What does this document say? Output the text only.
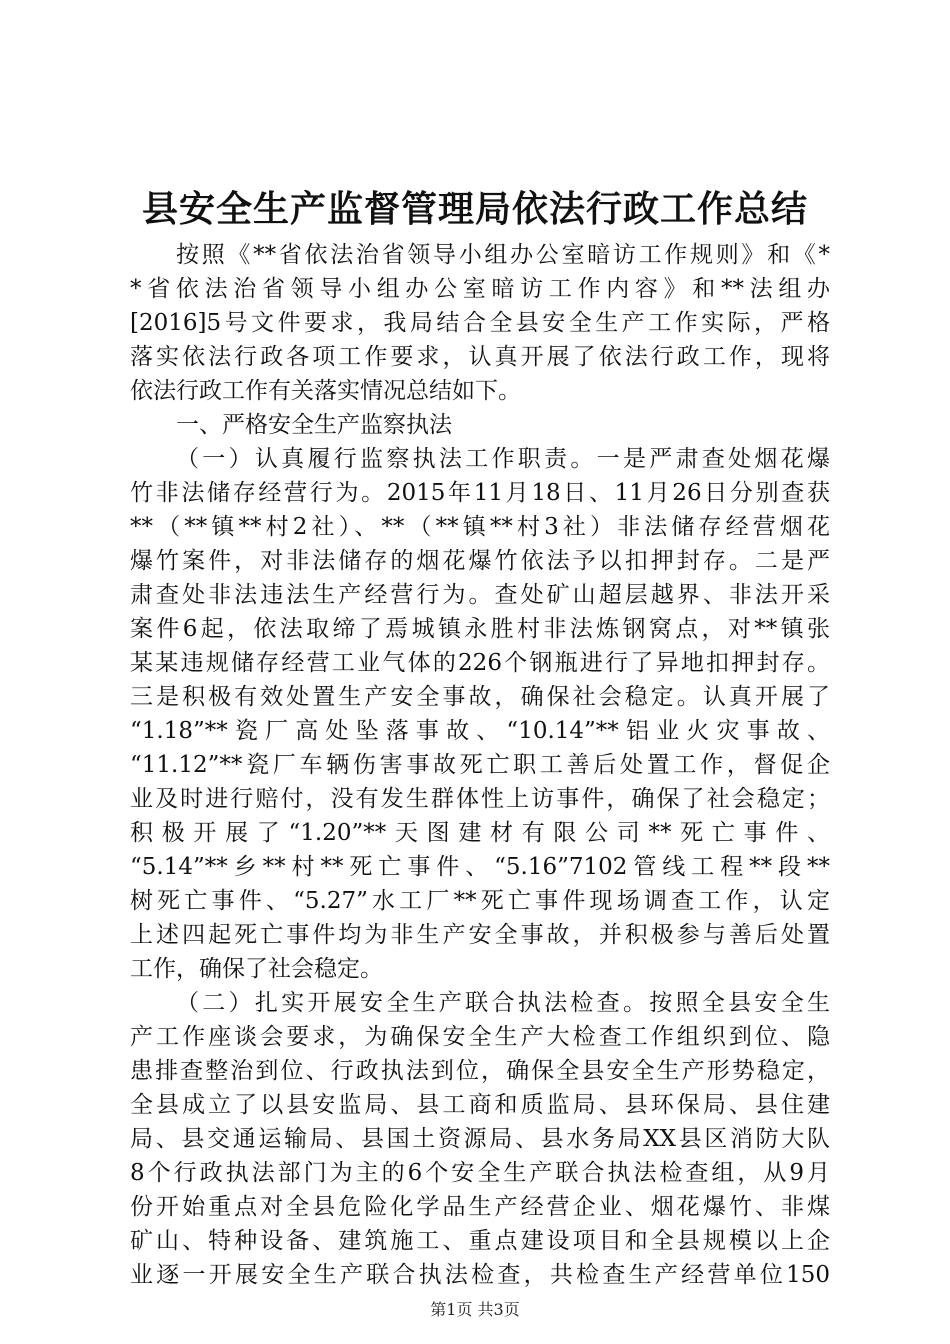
县安全生产监督管理局依法行政工作总结
按照《**省依法治省领导小组办公室暗访工作规则》和《*
*省依法治省领导小组办公室暗访工作内容》和**法组办
[2016]5号文件要求，我局结合全县安全生产工作实际，严格
落实依法行政各项工作要求，认真开展了依法行政工作，现将
依法行政工作有关落实情况总结如下。
一、严格安全生产监察执法
（一）认真履行监察执法工作职责。一是严肃查处烟花爆
竹非法储存经营行为。2015年11月18日、11月26日分别查获
**（**镇**村2社）、**（**镇**村3社）非法储存经营烟花
爆竹案件，对非法储存的烟花爆竹依法予以扣押封存。二是严
肃查处非法违法生产经营行为。查处矿山超层越界、非法开采
案件6起，依法取缔了焉城镇永胜村非法炼钢窝点，对**镇张
某某违规储存经营工业气体的226个钢瓶进行了异地扣押封存。
三是积极有效处置生产安全事故，确保社会稳定。认真开展了
“1.18”**瓷厂高处坠落事故、“10.14”**铝业火灾事故、
“11.12”**瓷厂车辆伤害事故死亡职工善后处置工作，督促企
业及时进行赔付，没有发生群体性上访事件，确保了社会稳定；
积极开展了“1.20”**天图建材有限公司**死亡事件、
“5.14”**乡**村**死亡事件、“5.16”7102管线工程**段**
树死亡事件、“5.27”水工厂**死亡事件现场调查工作，认定
上述四起死亡事件均为非生产安全事故，并积极参与善后处置
工作，确保了社会稳定。
（二）扎实开展安全生产联合执法检查。按照全县安全生
产工作座谈会要求，为确保安全生产大检查工作组织到位、隐
患排查整治到位、行政执法到位，确保全县安全生产形势稳定，
全县成立了以县安监局、县工商和质监局、县环保局、县住建
局、县交通运输局、县国土资源局、县水务局XX县区消防大队
8个行政执法部门为主的6个安全生产联合执法检查组，从9月
份开始重点对全县危险化学品生产经营企业、烟花爆竹、非煤
矿山、特种设备、建筑施工、重点建设项目和全县规模以上企
业逐一开展安全生产联合执法检查，共检查生产经营单位150
第1页 共3页
